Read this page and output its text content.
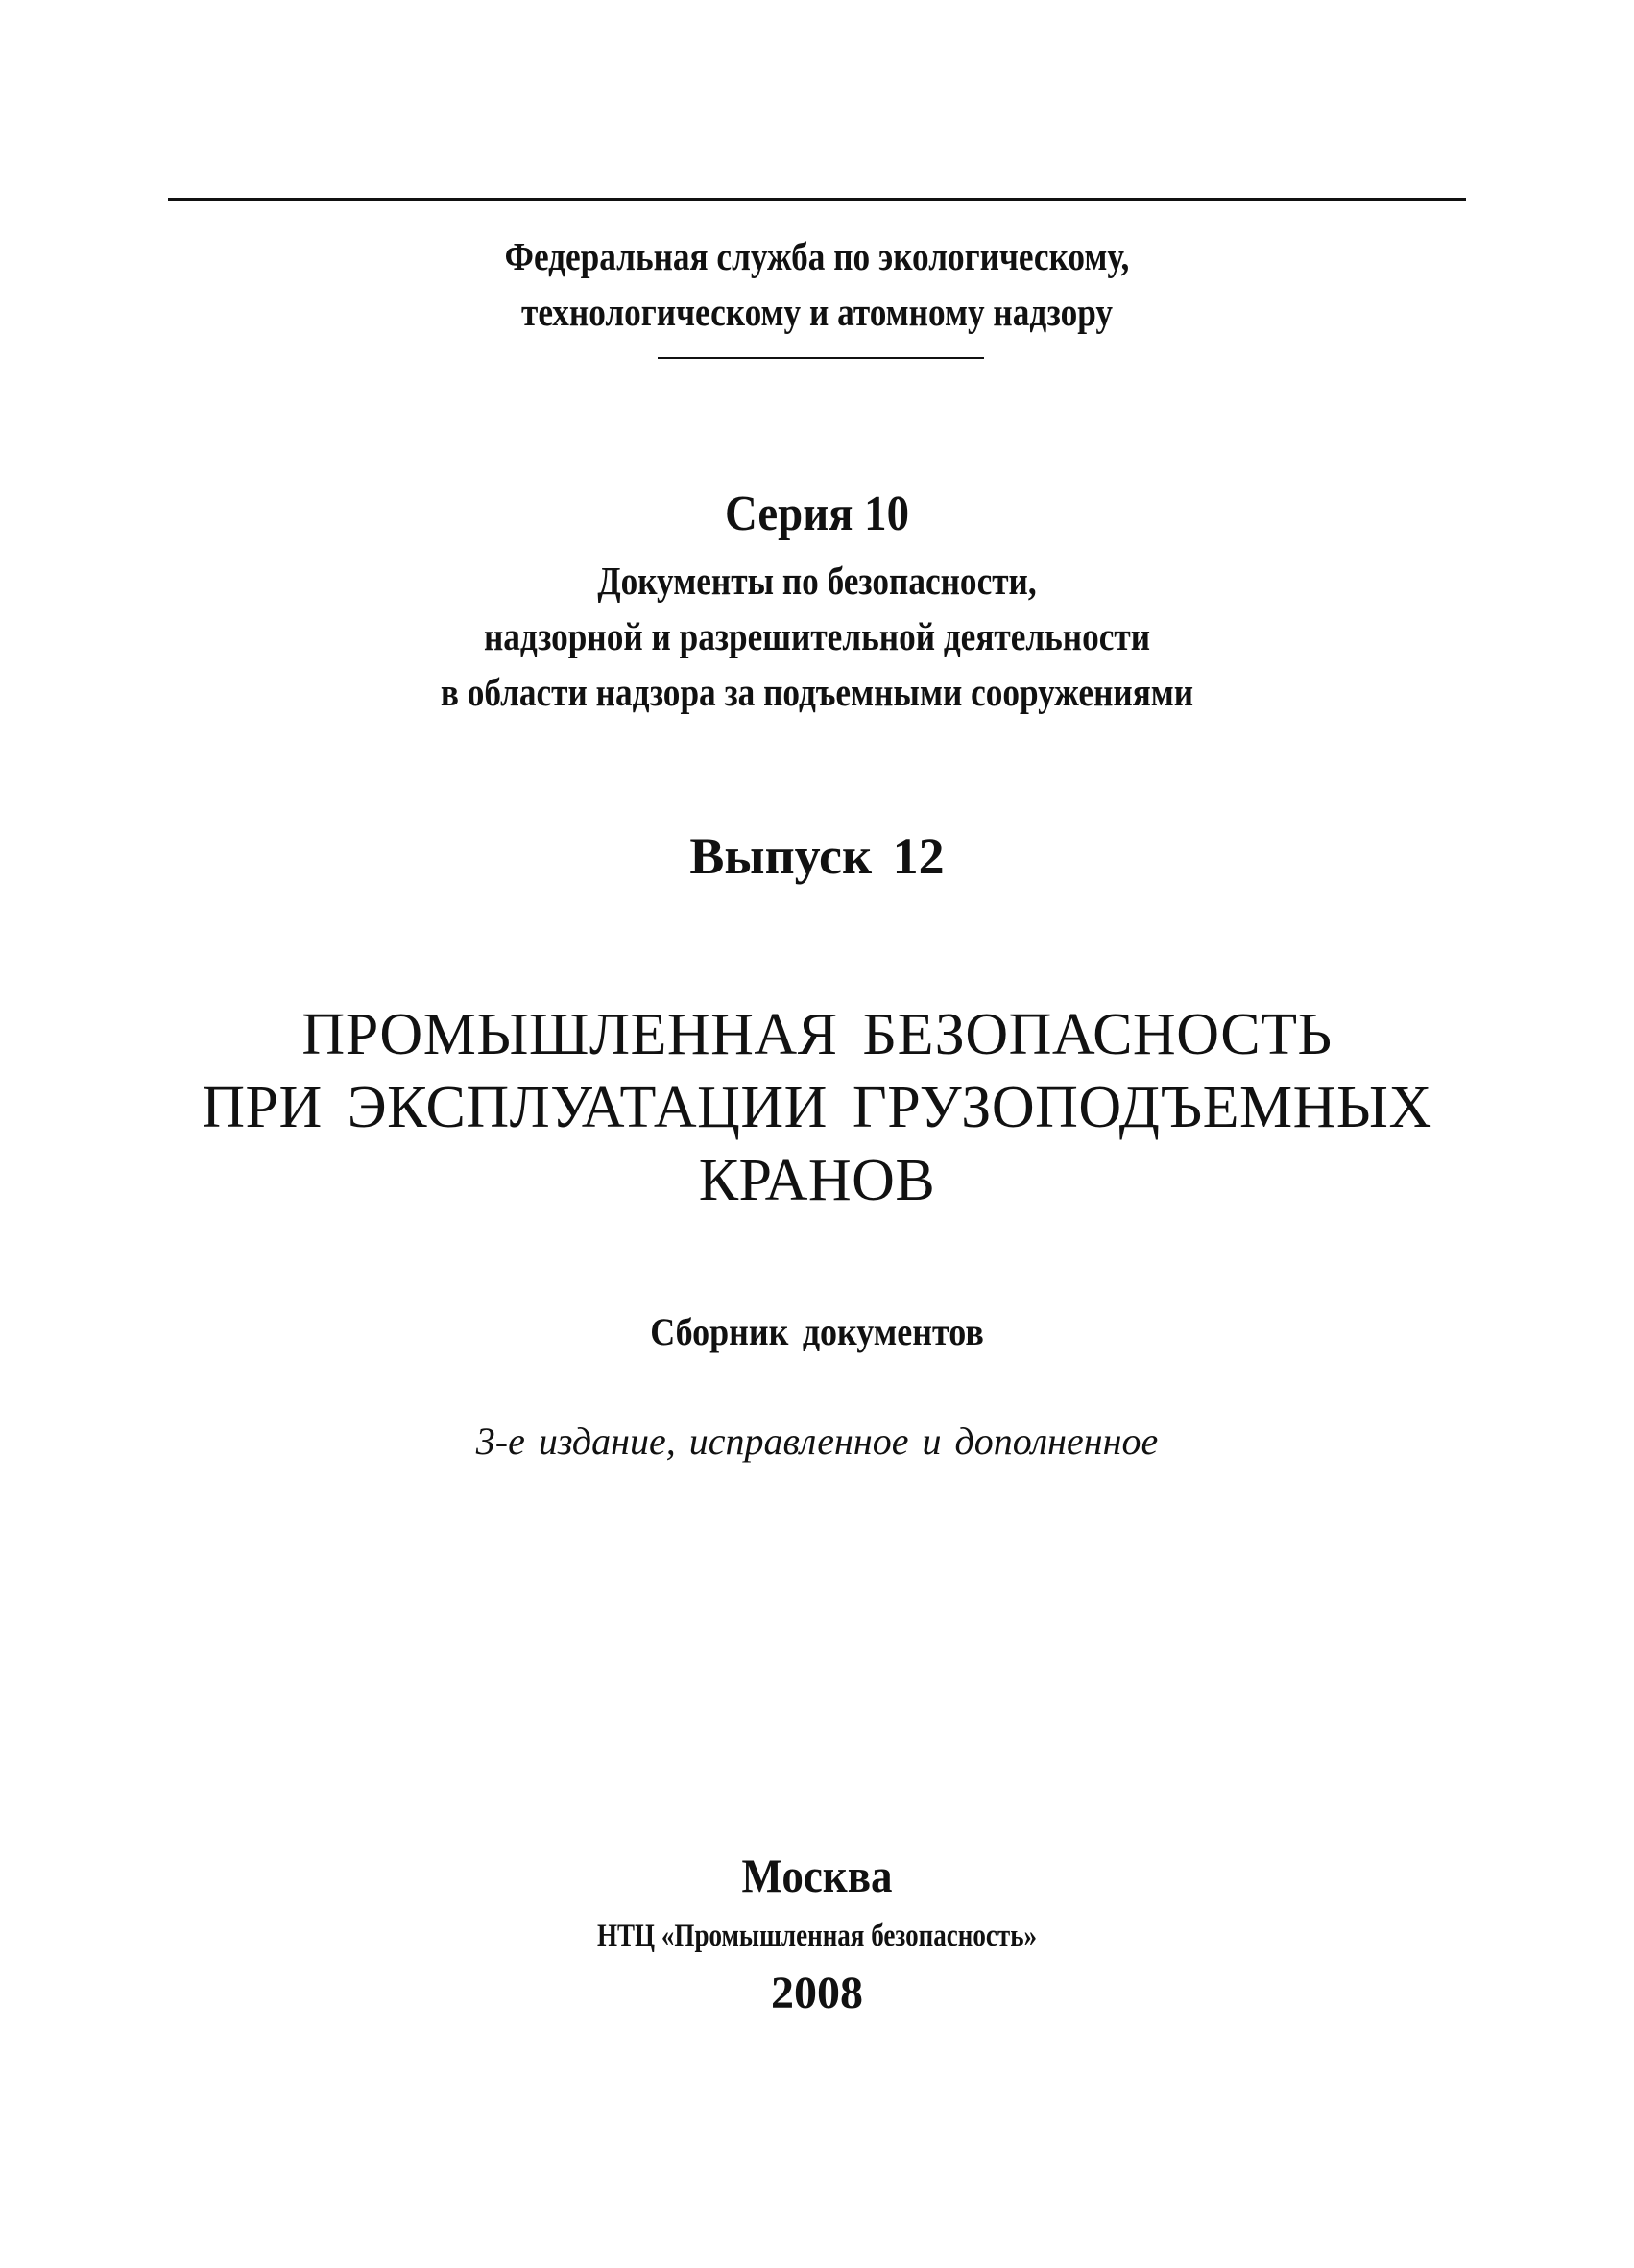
Федеральная служба по экологическому,
технологическому и атомному надзору
Серия 10
Документы по безопасности,
надзорной и разрешительной деятельности
в области надзора за подъемными сооружениями
Выпуск 12
ПРОМЫШЛЕННАЯ БЕЗОПАСНОСТЬ
ПРИ ЭКСПЛУАТАЦИИ ГРУЗОПОДЪЕМНЫХ
КРАНОВ
Сборник документов
3-е издание, исправленное и дополненное
Москва
НТЦ «Промышленная безопасность»
2008
